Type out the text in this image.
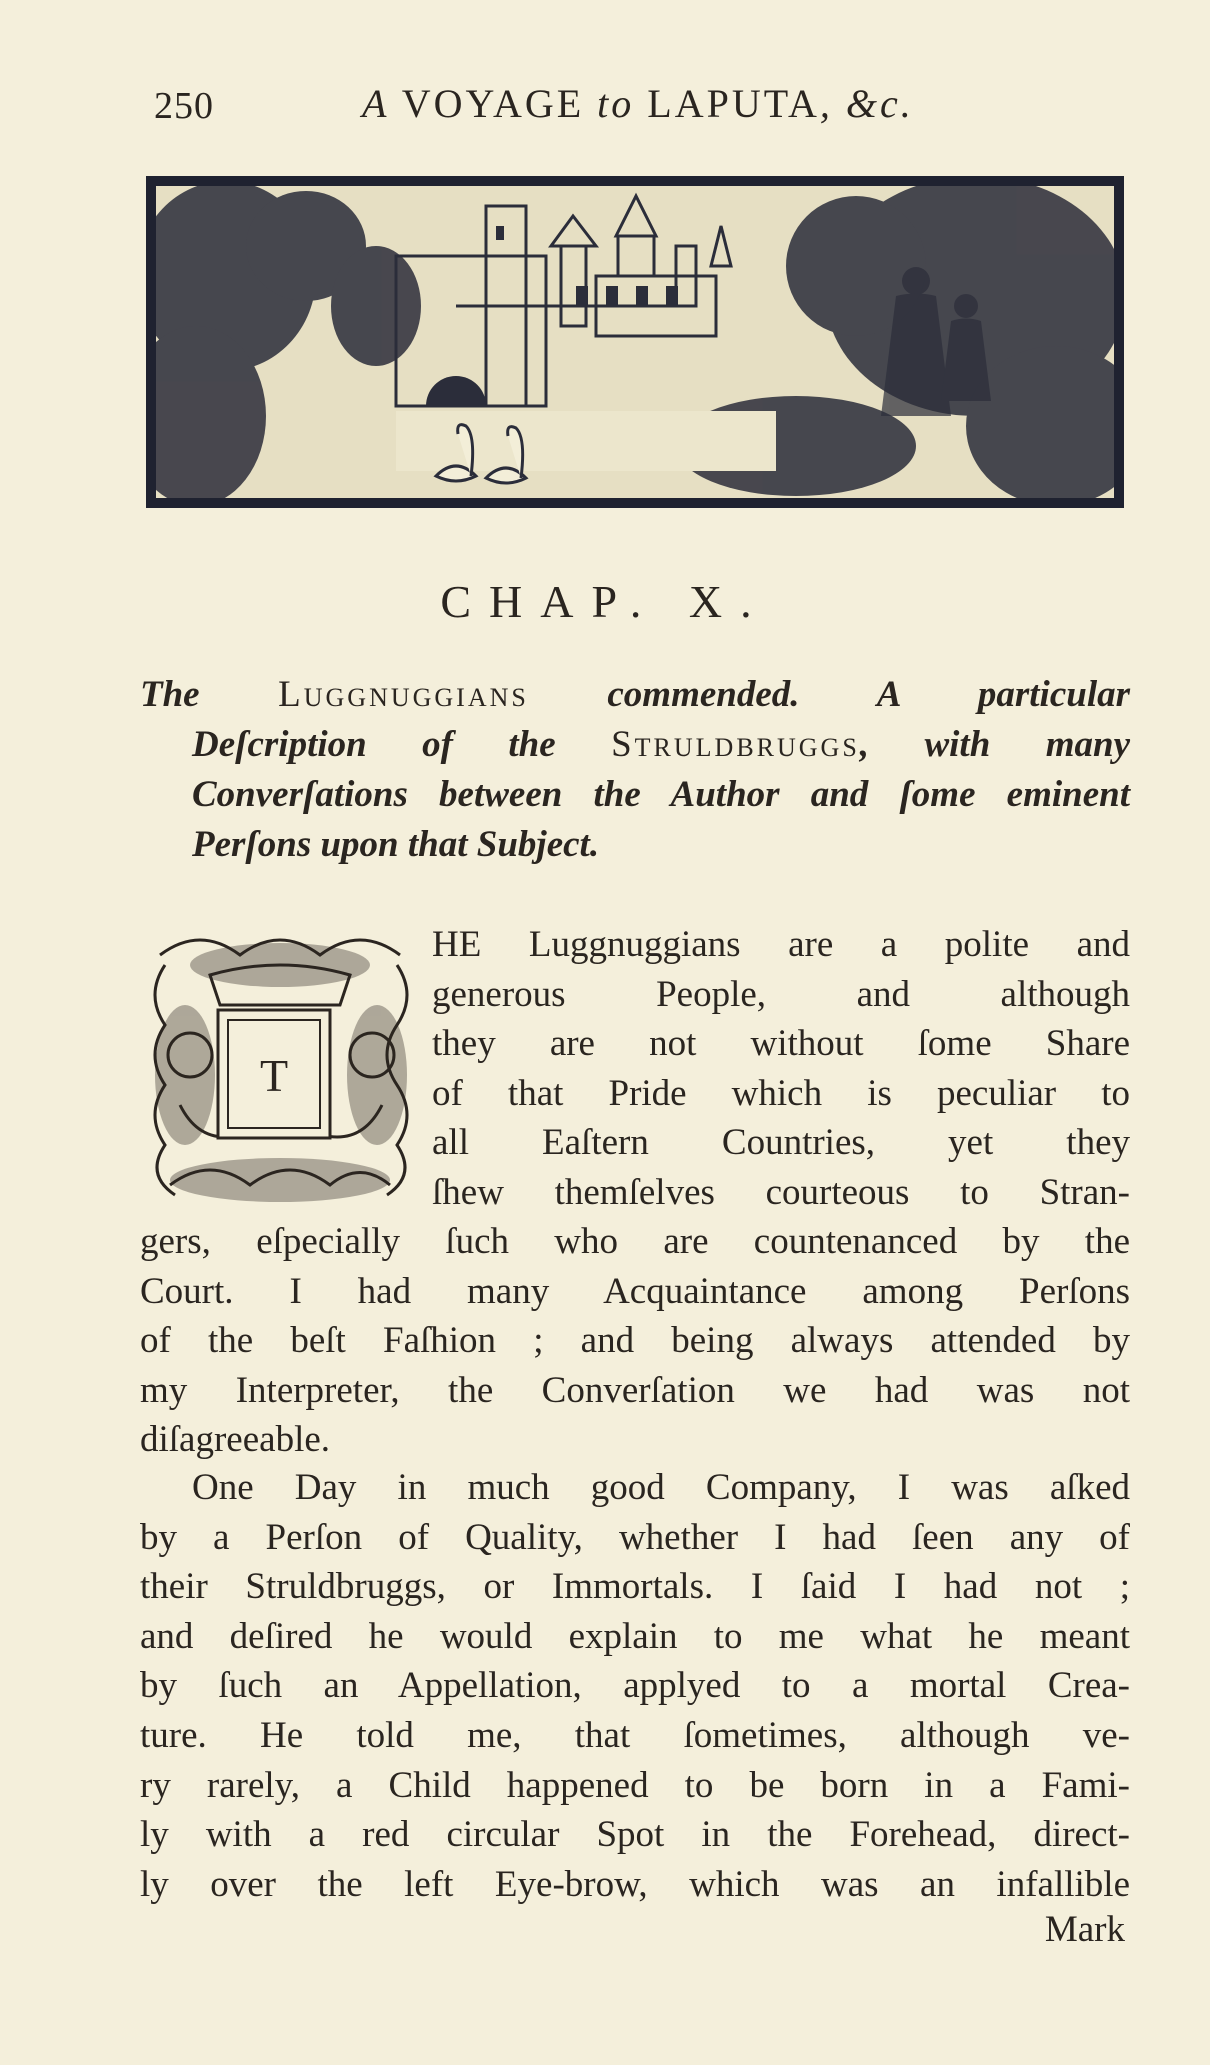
250	A VOYAGE to LAPUTA, &c.
CHAP. X.
The Luggnuggians commended. A particular
Deſcription of the Struldbruggs, with many
Converſations between the Author and ſome eminent
Perſons upon that Subject.
T
HE Luggnuggians are a polite and
generous People, and although
they are not without ſome Share
of that Pride which is peculiar to
all Eaſtern Countries, yet they
ſhew themſelves courteous to Stran-
gers, eſpecially ſuch who are countenanced by the
Court. I had many Acquaintance among Perſons
of the beſt Faſhion ; and being always attended by
my Interpreter, the Converſation we had was not
diſagreeable.
One Day in much good Company, I was aſked
by a Perſon of Quality, whether I had ſeen any of
their Struldbruggs, or Immortals. I ſaid I had not ;
and deſired he would explain to me what he meant
by ſuch an Appellation, applyed to a mortal Crea-
ture. He told me, that ſometimes, although ve-
ry rarely, a Child happened to be born in a Fami-
ly with a red circular Spot in the Forehead, direct-
ly over the left Eye-brow, which was an infallible
Mark
